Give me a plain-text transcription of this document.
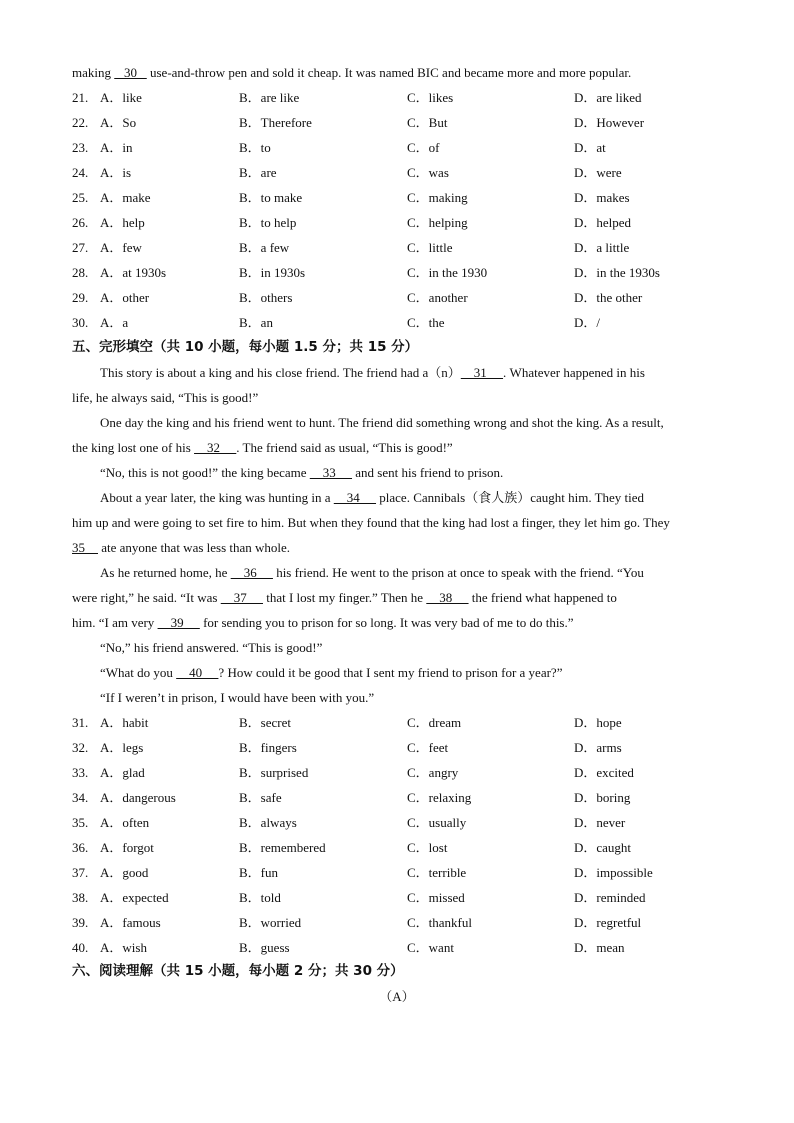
making    30    use-and-throw pen and sold it cheap. It was named BIC and became more and more popular.
21. A．like	B．are like	C．likes	D．are liked
22. A．So	B．Therefore	C．But	D．However
23. A．in	B．to	C．of	D．at
24. A．is	B．are	C．was	D．were
25. A．make	B．to make	C．making	D．makes
26. A．help	B．to help	C．helping	D．helped
27. A．few	B．a few	C．little	D．a little
28. A．at 1930s	B．in 1930s	C．in the 1930	D．in the 1930s
29. A．other	B．others	C．another	D．the other
30. A．a	B．an	C．the	D．/
五、完形填空（共 10 小题，每小题 1.5 分；共 15 分）
This story is about a king and his close friend. The friend had a（n）    31     . Whatever happened in his
life, he always said, “This is good!”
One day the king and his friend went to hunt. The friend did something wrong and shot the king. As a result,
the king lost one of his     32     . The friend said as usual, “This is good!”
“No, this is not good!” the king became     33      and sent his friend to prison.
About a year later, the king was hunting in a     34      place. Cannibals（食人族）caught him. They tied
him up and were going to set fire to him. But when they found that the king had lost a finger, they let him go. They
35     ate anyone that was less than whole.
As he returned home, he     36      his friend. He went to the prison at once to speak with the friend. “You
were right,” he said. “It was     37      that I lost my finger.” Then he     38      the friend what happened to
him. “I am very     39      for sending you to prison for so long. It was very bad of me to do this.”
“No,” his friend answered. “This is good!”
“What do you     40     ? How could it be good that I sent my friend to prison for a year?”
“If I weren’t in prison, I would have been with you.”
31. A．habit	B．secret	C．dream	D．hope
32. A．legs	B．fingers	C．feet	D．arms
33. A．glad	B．surprised	C．angry	D．excited
34. A．dangerous	B．safe	C．relaxing	D．boring
35. A．often	B．always	C．usually	D．never
36. A．forgot	B．remembered	C．lost	D．caught
37. A．good	B．fun	C．terrible	D．impossible
38. A．expected	B．told	C．missed	D．reminded
39. A．famous	B．worried	C．thankful	D．regretful
40. A．wish	B．guess	C．want	D．mean
六、阅读理解（共 15 小题，每小题 2 分；共 30 分）
（A）
